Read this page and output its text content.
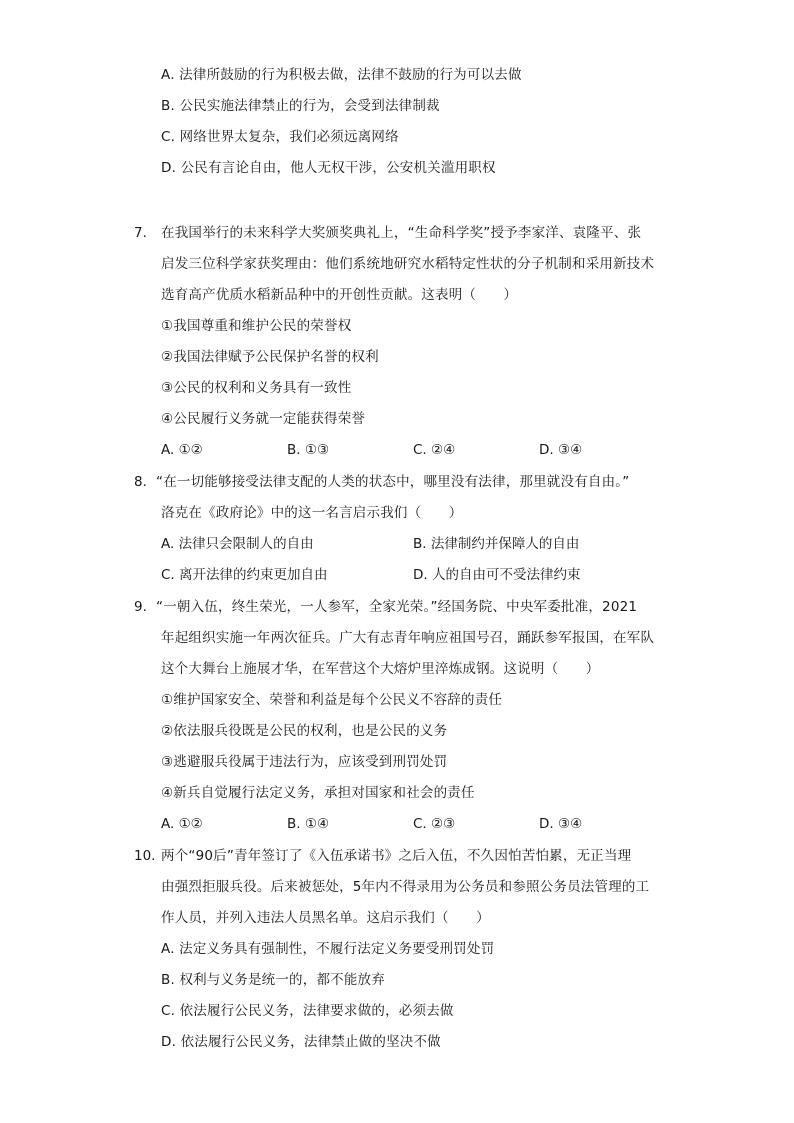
A. 法律所鼓励的行为积极去做，法律不鼓励的行为可以去做
B. 公民实施法律禁止的行为，会受到法律制裁
C. 网络世界太复杂，我们必须远离网络
D. 公民有言论自由，他人无权干涉，公安机关滥用职权
7. 在我国举行的未来科学大奖颁奖典礼上，“生命科学奖”授予李家洋、袁隆平、张
启发三位科学家获奖理由：他们系统地研究水稻特定性状的分子机制和采用新技术
选育高产优质水稻新品种中的开创性贡献。这表明（　　）
①我国尊重和维护公民的荣誉权
②我国法律赋予公民保护名誉的权利
③公民的权利和义务具有一致性
④公民履行义务就一定能获得荣誉
A. ①②	B. ①③	C. ②④	D. ③④
8. “在一切能够接受法律支配的人类的状态中，哪里没有法律，那里就没有自由。”
洛克在《政府论》中的这一名言启示我们（　　）
A. 法律只会限制人的自由	B. 法律制约并保障人的自由
C. 离开法律的约束更加自由	D. 人的自由可不受法律约束
9. “一朝入伍，终生荣光，一人参军，全家光荣。”经国务院、中央军委批准，2021
年起组织实施一年两次征兵。广大有志青年响应祖国号召，踊跃参军报国，在军队
这个大舞台上施展才华，在军营这个大熔炉里淬炼成钢。这说明（　　）
①维护国家安全、荣誉和利益是每个公民义不容辞的责任
②依法服兵役既是公民的权利，也是公民的义务
③逃避服兵役属于违法行为，应该受到刑罚处罚
④新兵自觉履行法定义务，承担对国家和社会的责任
A. ①②	B. ①④	C. ②③	D. ③④
10. 两个“90后”青年签订了《入伍承诺书》之后入伍，不久因怕苦怕累，无正当理
由强烈拒服兵役。后来被惩处，5年内不得录用为公务员和参照公务员法管理的工
作人员，并列入违法人员黑名单。这启示我们（　　）
A. 法定义务具有强制性，不履行法定义务要受刑罚处罚
B. 权利与义务是统一的，都不能放弃
C. 依法履行公民义务，法律要求做的，必须去做
D. 依法履行公民义务，法律禁止做的坚决不做
